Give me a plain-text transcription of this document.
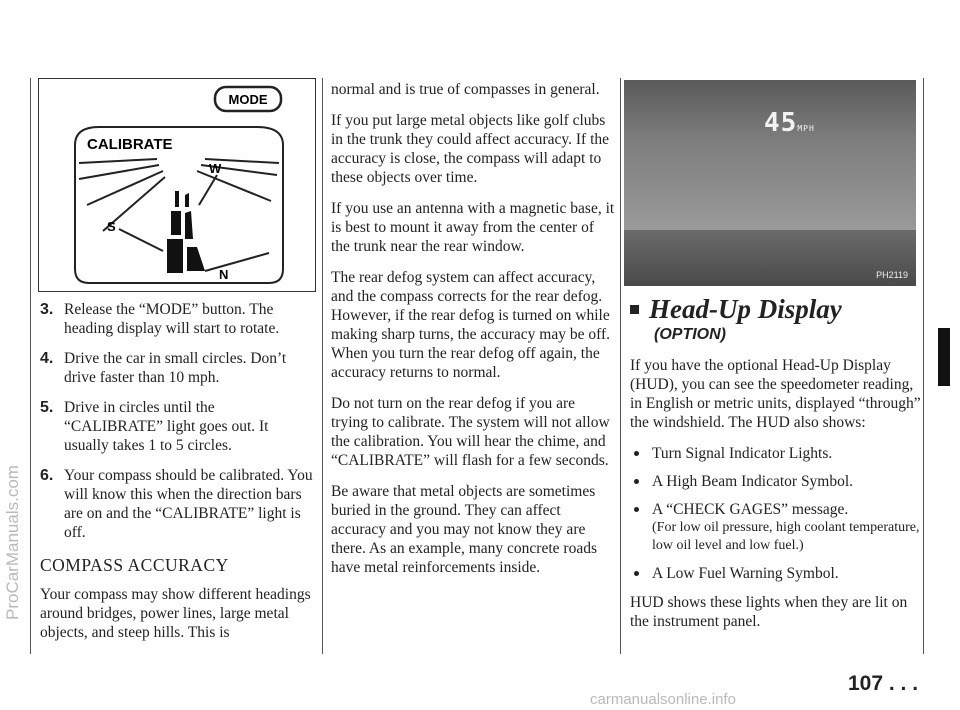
MODE
CALIBRATE
W
S
N
3. Release the “MODE” button. The heading display will start to rotate.
4. Drive the car in small circles. Don’t drive faster than 10 mph.
5. Drive in circles until the “CALIBRATE” light goes out. It usually takes 1 to 5 circles.
6. Your compass should be calibrated. You will know this when the direction bars are on and the “CALIBRATE” light is off.
COMPASS ACCURACY

Your compass may show different headings around bridges, power lines, large metal objects, and steep hills. This is

normal and is true of compasses in general.

If you put large metal objects like golf clubs in the trunk they could affect accuracy. If the accuracy is close, the compass will adapt to these objects over time.

If you use an antenna with a magnetic base, it is best to mount it away from the center of the trunk near the rear window.

The rear defog system can affect accuracy, and the compass corrects for the rear defog. However, if the rear defog is turned on while making sharp turns, the accuracy may be off. When you turn the rear defog off again, the accuracy returns to normal.

Do not turn on the rear defog if you are trying to calibrate. The system will not allow the calibration. You will hear the chime, and “CALIBRATE” will flash for a few seconds.

Be aware that metal objects are sometimes buried in the ground. They can affect accuracy and you may not know they are there. As an example, many concrete roads have metal reinforcements inside.

45MPH
PH2119
Head-Up Display
(OPTION)

If you have the optional Head-Up Display (HUD), you can see the speedometer reading, in English or metric units, displayed “through” the windshield. The HUD also shows:

Turn Signal Indicator Lights.
A High Beam Indicator Symbol.
A “CHECK GAGES” message.
(For low oil pressure, high coolant temperature, low oil level and low fuel.)
A Low Fuel Warning Symbol.

HUD shows these lights when they are lit on the instrument panel.

107 . . .
ProCarManuals.com
carmanualsonline.info
